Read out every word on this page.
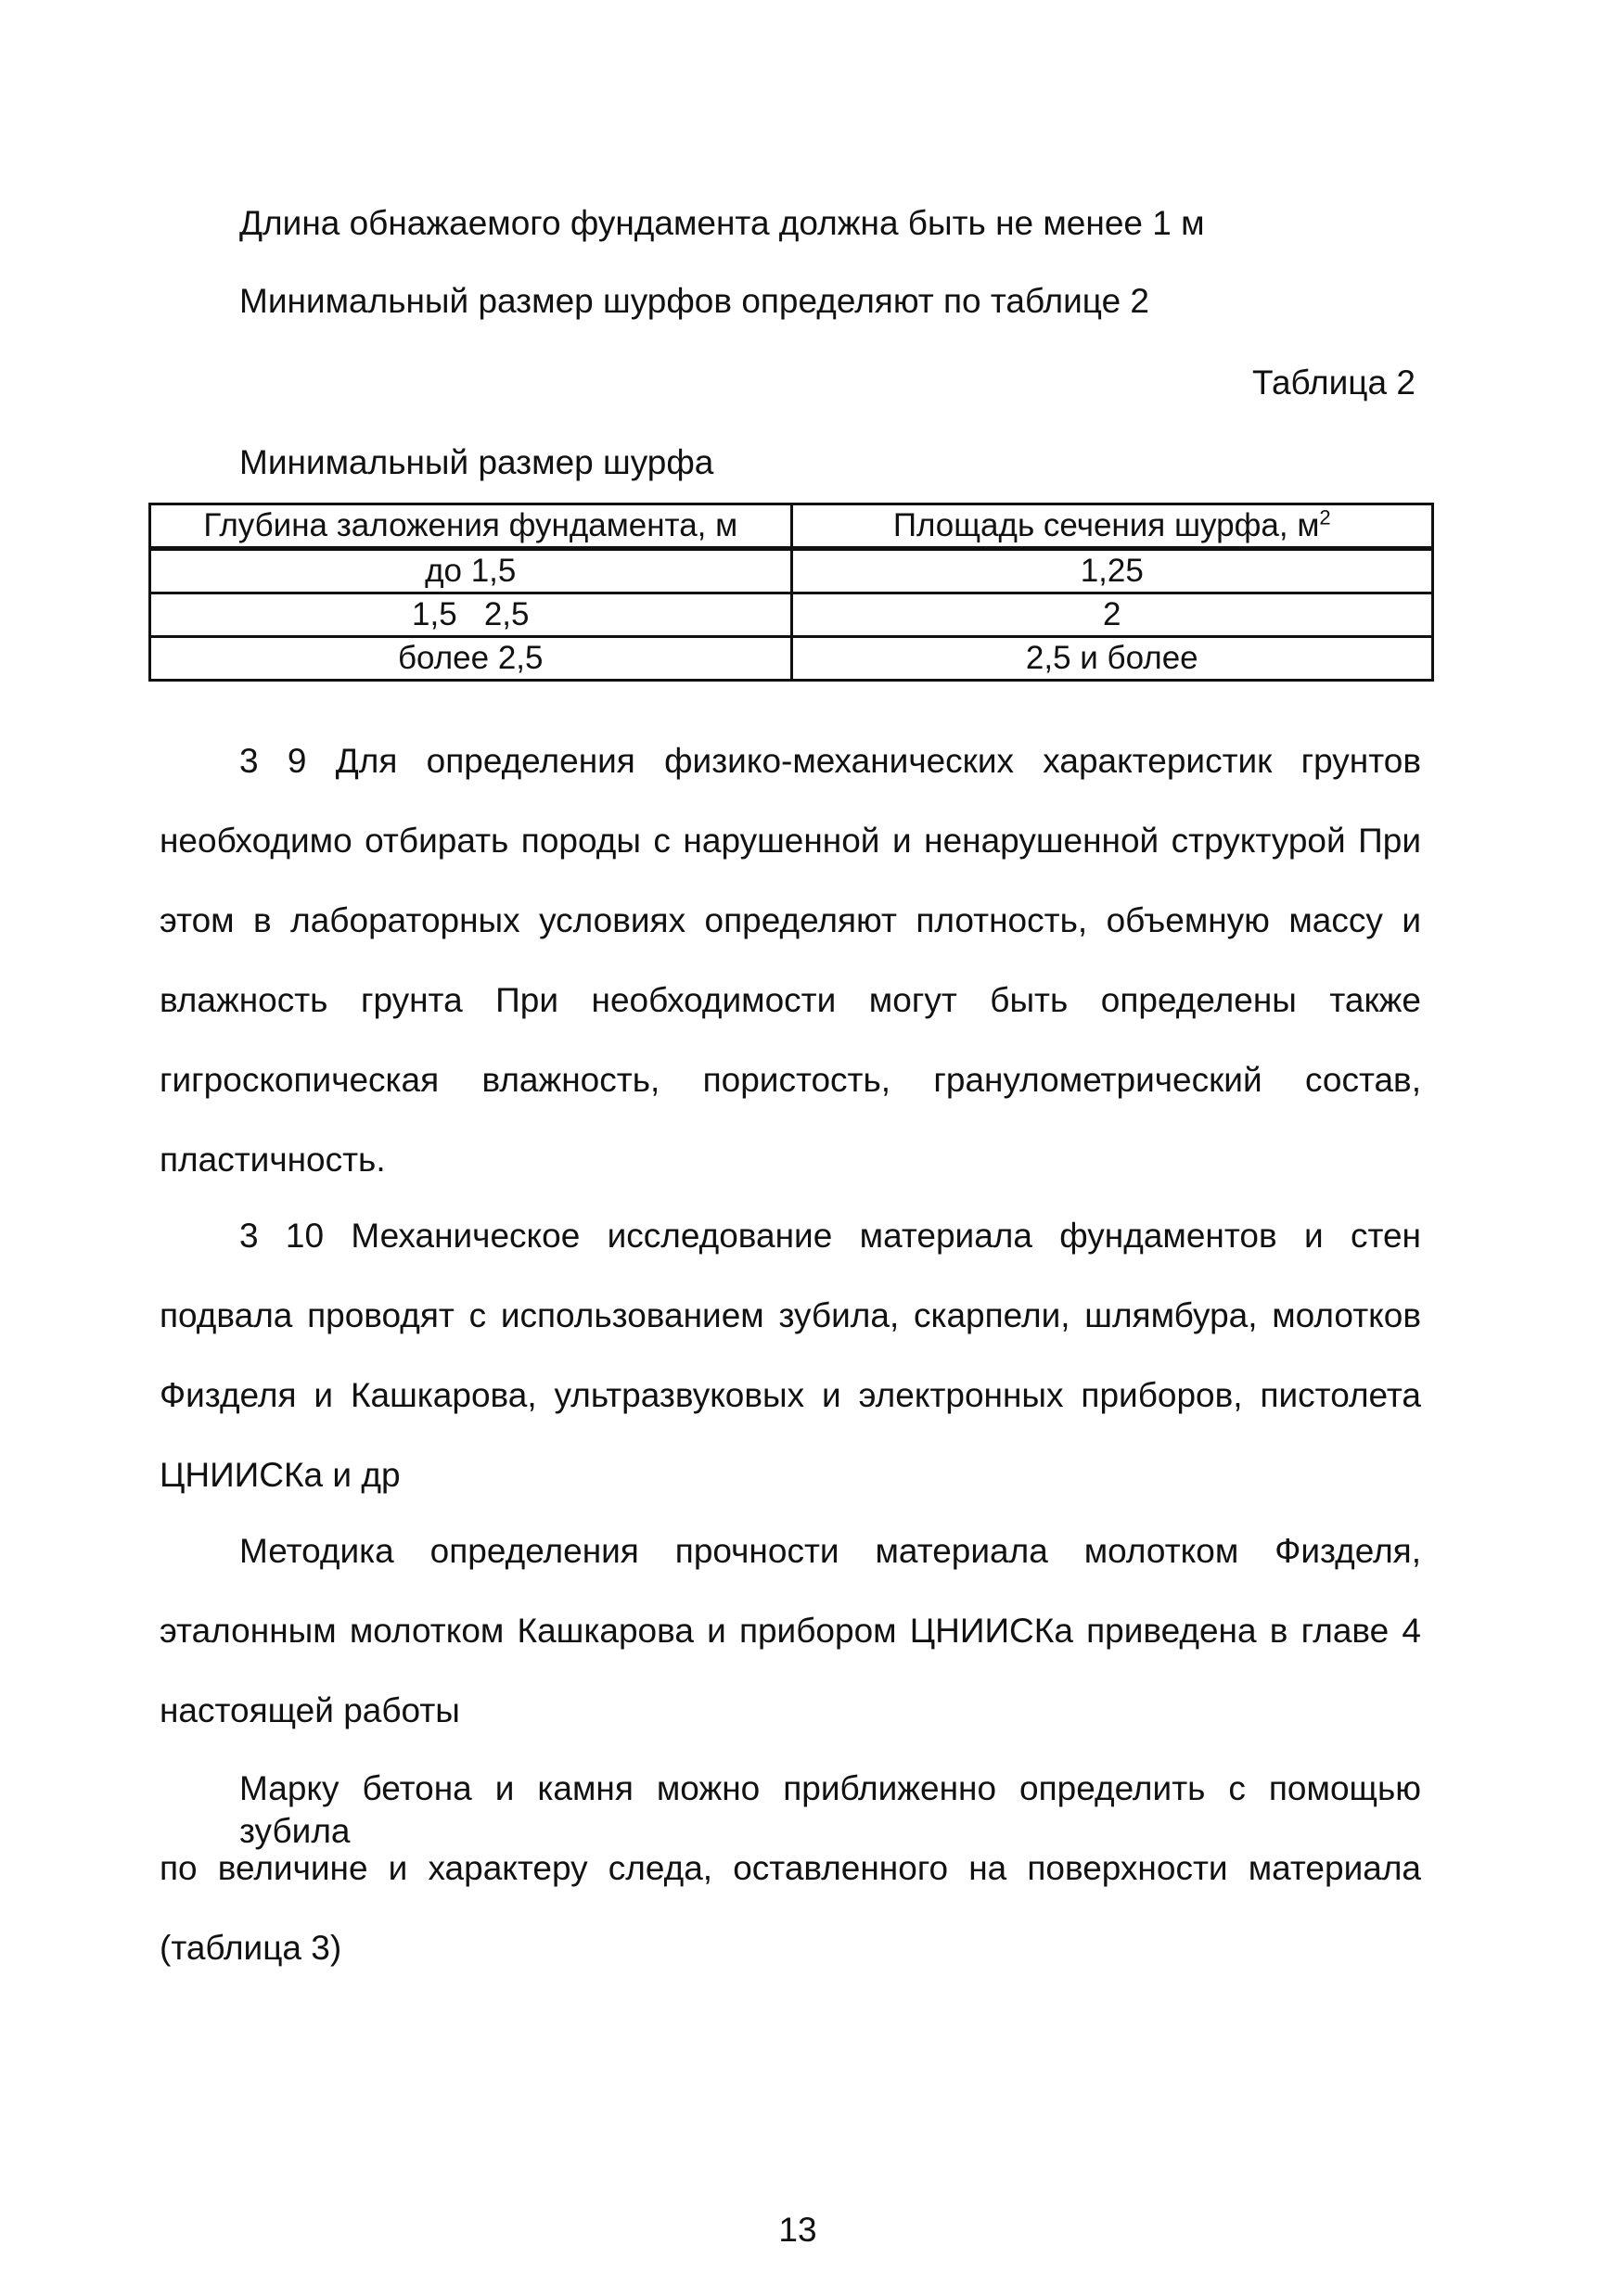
Длина обнажаемого фундамента должна быть не менее 1 м
Минимальный размер шурфов определяют по таблице 2
Таблица 2
Минимальный размер шурфа
Глубина заложения фундамента, м	Площадь сечения шурфа, $м^2$
до 1,5	1,25
1,5   2,5	2
более 2,5	2,5 и более
3 9 Для определения физико-механических характеристик грунтов
необходимо отбирать породы с нарушенной и ненарушенной структурой При
этом в лабораторных условиях определяют плотность, объемную массу и
влажность грунта При необходимости могут быть определены также
гигроскопическая влажность, пористость, гранулометрический состав,
пластичность.
3 10 Механическое исследование материала фундаментов и стен
подвала проводят с использованием зубила, скарпели, шлямбура, молотков
Физделя и Кашкарова, ультразвуковых и электронных приборов, пистолета
ЦНИИСКа и др
Методика определения прочности материала молотком Физделя,
эталонным молотком Кашкарова и прибором ЦНИИСКа приведена в главе 4
настоящей работы
Марку бетона и камня можно приближенно определить с помощью зубила
по величине и характеру следа, оставленного на поверхности материала
(таблица 3)
13
